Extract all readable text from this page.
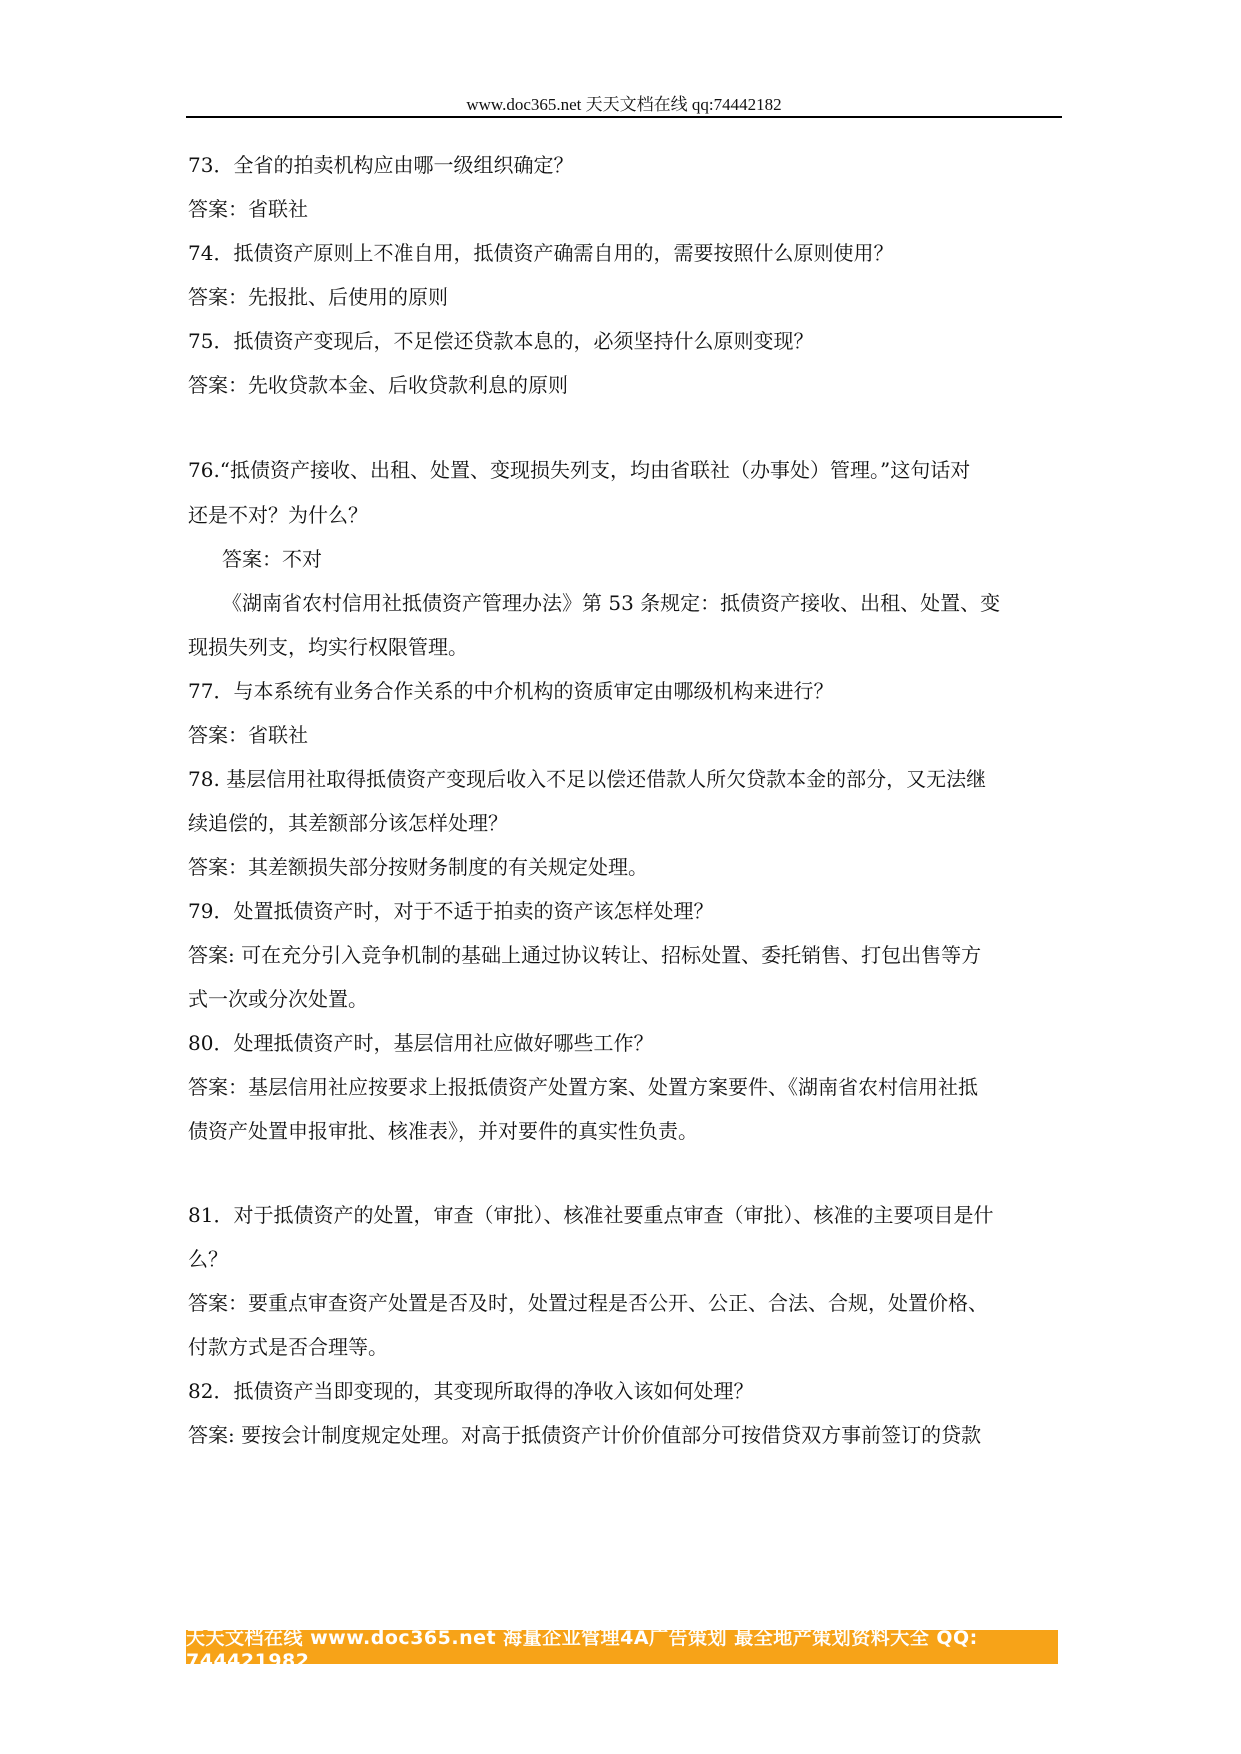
www.doc365.net 天天文档在线 qq:74442182
73．全省的拍卖机构应由哪一级组织确定？
答案：省联社
74．抵债资产原则上不准自用，抵债资产确需自用的，需要按照什么原则使用？
答案：先报批、后使用的原则
75．抵债资产变现后，不足偿还贷款本息的，必须坚持什么原则变现？
答案：先收贷款本金、后收贷款利息的原则
76.“抵债资产接收、出租、处置、变现损失列支，均由省联社（办事处）管理。”这句话对
还是不对？为什么？
答案：不对
《湖南省农村信用社抵债资产管理办法》第 53 条规定：抵债资产接收、出租、处置、变
现损失列支，均实行权限管理。
77．与本系统有业务合作关系的中介机构的资质审定由哪级机构来进行？
答案：省联社
78. 基层信用社取得抵债资产变现后收入不足以偿还借款人所欠贷款本金的部分，又无法继
续追偿的，其差额部分该怎样处理？
答案：其差额损失部分按财务制度的有关规定处理。
79．处置抵债资产时，对于不适于拍卖的资产该怎样处理？
答案: 可在充分引入竞争机制的基础上通过协议转让、招标处置、委托销售、打包出售等方
式一次或分次处置。
80．处理抵债资产时，基层信用社应做好哪些工作？
答案：基层信用社应按要求上报抵债资产处置方案、处置方案要件、《湖南省农村信用社抵
债资产处置申报审批、核准表》，并对要件的真实性负责。
81．对于抵债资产的处置，审查（审批）、核准社要重点审查（审批）、核准的主要项目是什
么？
答案：要重点审查资产处置是否及时，处置过程是否公开、公正、合法、合规，处置价格、
付款方式是否合理等。
82．抵债资产当即变现的，其变现所取得的净收入该如何处理？
答案: 要按会计制度规定处理。对高于抵债资产计价价值部分可按借贷双方事前签订的贷款
天天文档在线 www.doc365.net 海量企业管理4A广告策划 最全地产策划资料大全 QQ: 744421982
